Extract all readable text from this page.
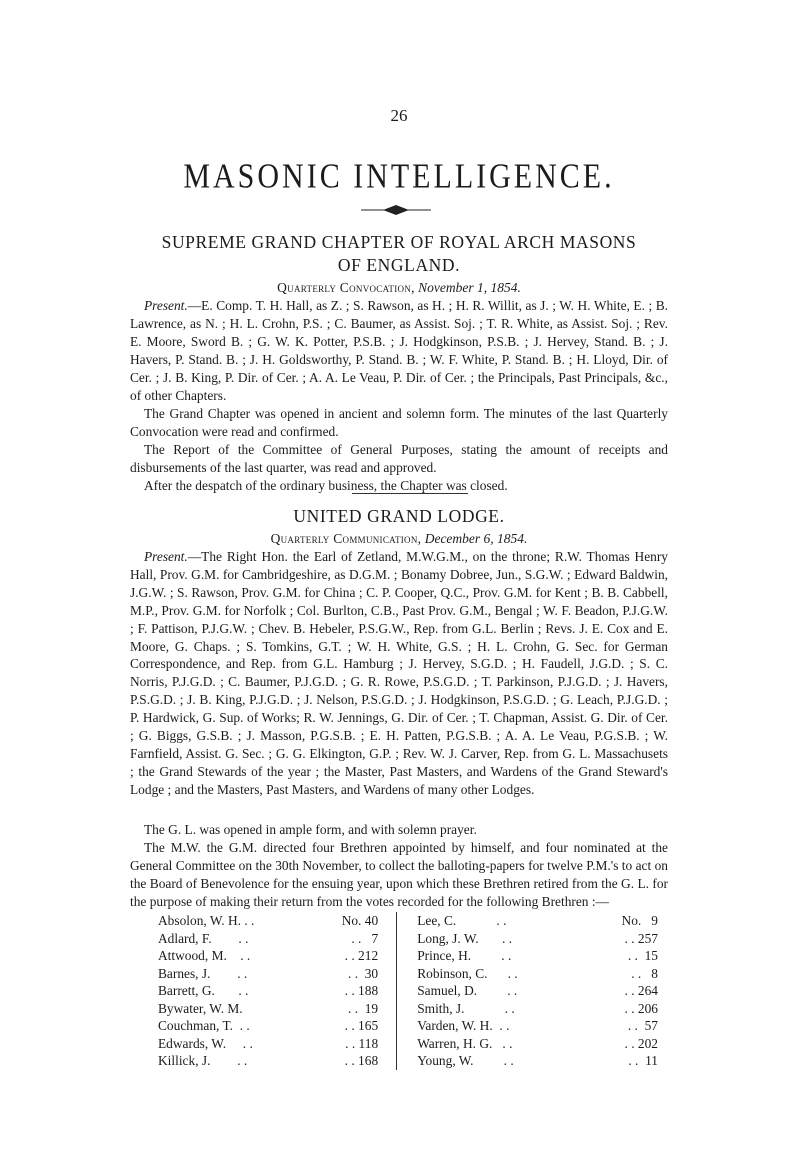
26
MASONIC INTELLIGENCE.
SUPREME GRAND CHAPTER OF ROYAL ARCH MASONS
OF ENGLAND.
Quarterly Convocation, November 1, 1854.

Present.—E. Comp. T. H. Hall, as Z. ; S. Rawson, as H. ; H. R. Willit, as J. ; W. H. White, E. ; B. Lawrence, as N. ; H. L. Crohn, P.S. ; C. Baumer, as Assist. Soj. ; T. R. White, as Assist. Soj. ; Rev. E. Moore, Sword B. ; G. W. K. Potter, P.S.B. ; J. Hodgkinson, P.S.B. ; J. Hervey, Stand. B. ; J. Havers, P. Stand. B. ; J. H. Goldsworthy, P. Stand. B. ; W. F. White, P. Stand. B. ; H. Lloyd, Dir. of Cer. ; J. B. King, P. Dir. of Cer. ; A. A. Le Veau, P. Dir. of Cer. ; the Principals, Past Principals, &c., of other Chapters.

The Grand Chapter was opened in ancient and solemn form. The minutes of the last Quarterly Convocation were read and confirmed.

The Report of the Committee of General Purposes, stating the amount of receipts and disbursements of the last quarter, was read and approved.

After the despatch of the ordinary business, the Chapter was closed.

UNITED GRAND LODGE.
Quarterly Communication, December 6, 1854.

Present.—The Right Hon. the Earl of Zetland, M.W.G.M., on the throne; R.W. Thomas Henry Hall, Prov. G.M. for Cambridgeshire, as D.G.M. ; Bonamy Dobree, Jun., S.G.W. ; Edward Baldwin, J.G.W. ; S. Rawson, Prov. G.M. for China ; C. P. Cooper, Q.C., Prov. G.M. for Kent ; B. B. Cabbell, M.P., Prov. G.M. for Norfolk ; Col. Burlton, C.B., Past Prov. G.M., Bengal ; W. F. Beadon, P.J.G.W. ; F. Pattison, P.J.G.W. ; Chev. B. Hebeler, P.S.G.W., Rep. from G.L. Berlin ; Revs. J. E. Cox and E. Moore, G. Chaps. ; S. Tomkins, G.T. ; W. H. White, G.S. ; H. L. Crohn, G. Sec. for German Correspondence, and Rep. from G.L. Hamburg ; J. Hervey, S.G.D. ; H. Faudell, J.G.D. ; S. C. Norris, P.J.G.D. ; C. Baumer, P.J.G.D. ; G. R. Rowe, P.S.G.D. ; T. Parkinson, P.J.G.D. ; J. Havers, P.S.G.D. ; J. B. King, P.J.G.D. ; J. Nelson, P.S.G.D. ; J. Hodgkinson, P.S.G.D. ; G. Leach, P.J.G.D. ; P. Hardwick, G. Sup. of Works; R. W. Jennings, G. Dir. of Cer. ; T. Chapman, Assist. G. Dir. of Cer. ; G. Biggs, G.S.B. ; J. Masson, P.G.S.B. ; E. H. Patten, P.G.S.B. ; A. A. Le Veau, P.G.S.B. ; W. Farnfield, Assist. G. Sec. ; G. G. Elkington, G.P. ; Rev. W. J. Carver, Rep. from G. L. Massachusets ; the Grand Stewards of the year ; the Master, Past Masters, and Wardens of the Grand Steward's Lodge ; and the Masters, Past Masters, and Wardens of many other Lodges.

The G. L. was opened in ample form, and with solemn prayer.

The M.W. the G.M. directed four Brethren appointed by himself, and four nominated at the General Committee on the 30th November, to collect the balloting-papers for twelve P.M.'s to act on the Board of Benevolence for the ensuing year, upon which these Brethren retired from the G. L. for the purpose of making their return from the votes recorded for the following Brethren :—

Absolon, W. H. . .	No. 40		Lee, C.            . .	No.   9
Adlard, F.        . .	. .   7		Long, J. W.       . .	. . 257
Attwood, M.    . .	. . 212		Prince, H.         . .	. .  15
Barnes, J.        . .	. .  30		Robinson, C.      . .	. .   8
Barrett, G.       . .	. . 188		Samuel, D.         . .	. . 264
Bywater, W. M.	. .  19		Smith, J.            . .	. . 206
Couchman, T.  . .	. . 165		Varden, W. H.  . .	. .  57
Edwards, W.     . .	. . 118		Warren, H. G.   . .	. . 202
Killick, J.        . .	. . 168		Young, W.         . .	. .  11
